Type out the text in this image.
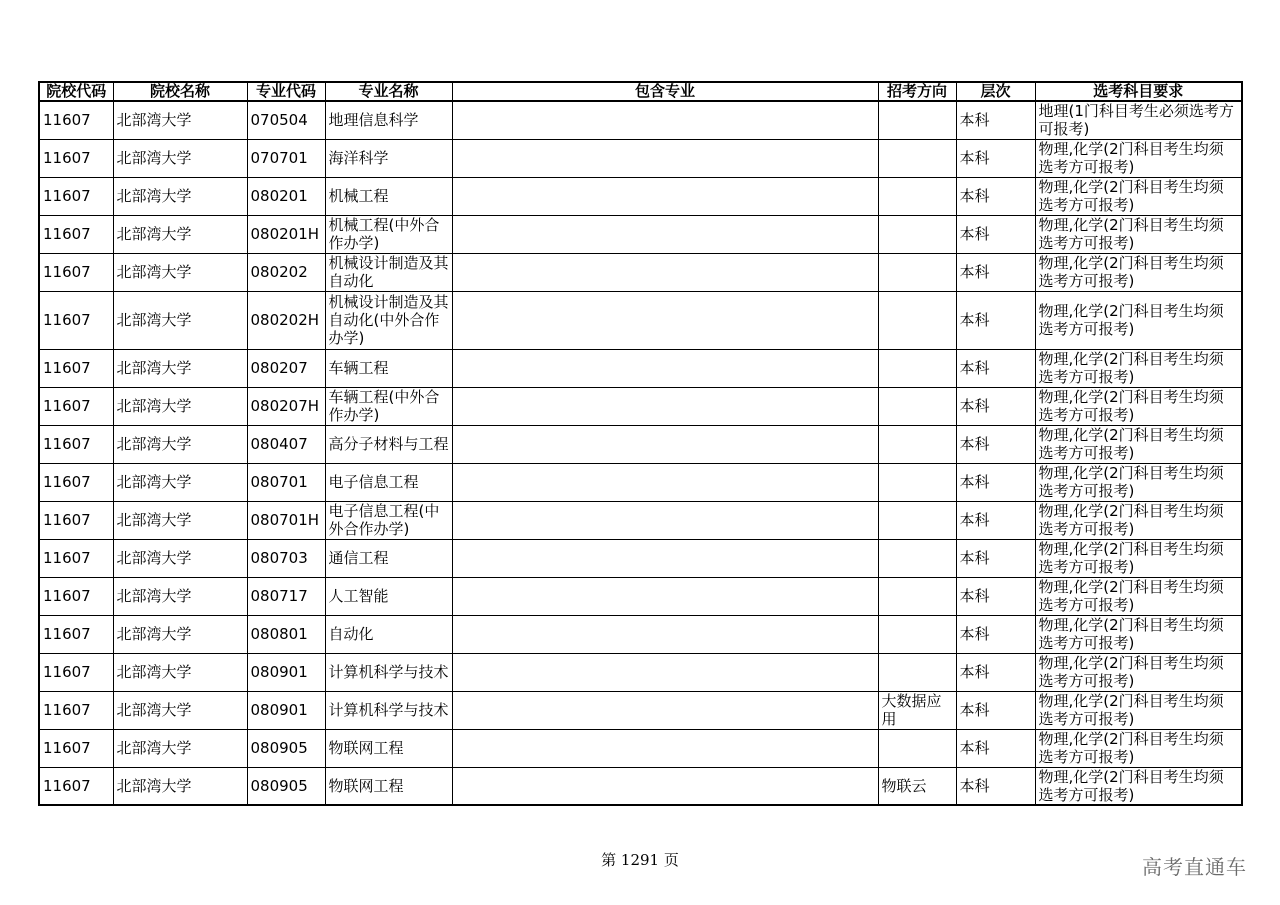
院校代码	院校名称	专业代码	专业名称	包含专业	招考方向	层次	选考科目要求
11607	北部湾大学	070504	地理信息科学			本科	地理(1门科目考生必须选考方可报考)
11607	北部湾大学	070701	海洋科学			本科	物理,化学(2门科目考生均须选考方可报考)
11607	北部湾大学	080201	机械工程			本科	物理,化学(2门科目考生均须选考方可报考)
11607	北部湾大学	080201H	机械工程(中外合作办学)			本科	物理,化学(2门科目考生均须选考方可报考)
11607	北部湾大学	080202	机械设计制造及其自动化			本科	物理,化学(2门科目考生均须选考方可报考)
11607	北部湾大学	080202H	机械设计制造及其自动化(中外合作办学)			本科	物理,化学(2门科目考生均须选考方可报考)
11607	北部湾大学	080207	车辆工程			本科	物理,化学(2门科目考生均须选考方可报考)
11607	北部湾大学	080207H	车辆工程(中外合作办学)			本科	物理,化学(2门科目考生均须选考方可报考)
11607	北部湾大学	080407	高分子材料与工程			本科	物理,化学(2门科目考生均须选考方可报考)
11607	北部湾大学	080701	电子信息工程			本科	物理,化学(2门科目考生均须选考方可报考)
11607	北部湾大学	080701H	电子信息工程(中外合作办学)			本科	物理,化学(2门科目考生均须选考方可报考)
11607	北部湾大学	080703	通信工程			本科	物理,化学(2门科目考生均须选考方可报考)
11607	北部湾大学	080717	人工智能			本科	物理,化学(2门科目考生均须选考方可报考)
11607	北部湾大学	080801	自动化			本科	物理,化学(2门科目考生均须选考方可报考)
11607	北部湾大学	080901	计算机科学与技术			本科	物理,化学(2门科目考生均须选考方可报考)
11607	北部湾大学	080901	计算机科学与技术		大数据应用	本科	物理,化学(2门科目考生均须选考方可报考)
11607	北部湾大学	080905	物联网工程			本科	物理,化学(2门科目考生均须选考方可报考)
11607	北部湾大学	080905	物联网工程		物联云	本科	物理,化学(2门科目考生均须选考方可报考)
第 1291 页	高考直通车
